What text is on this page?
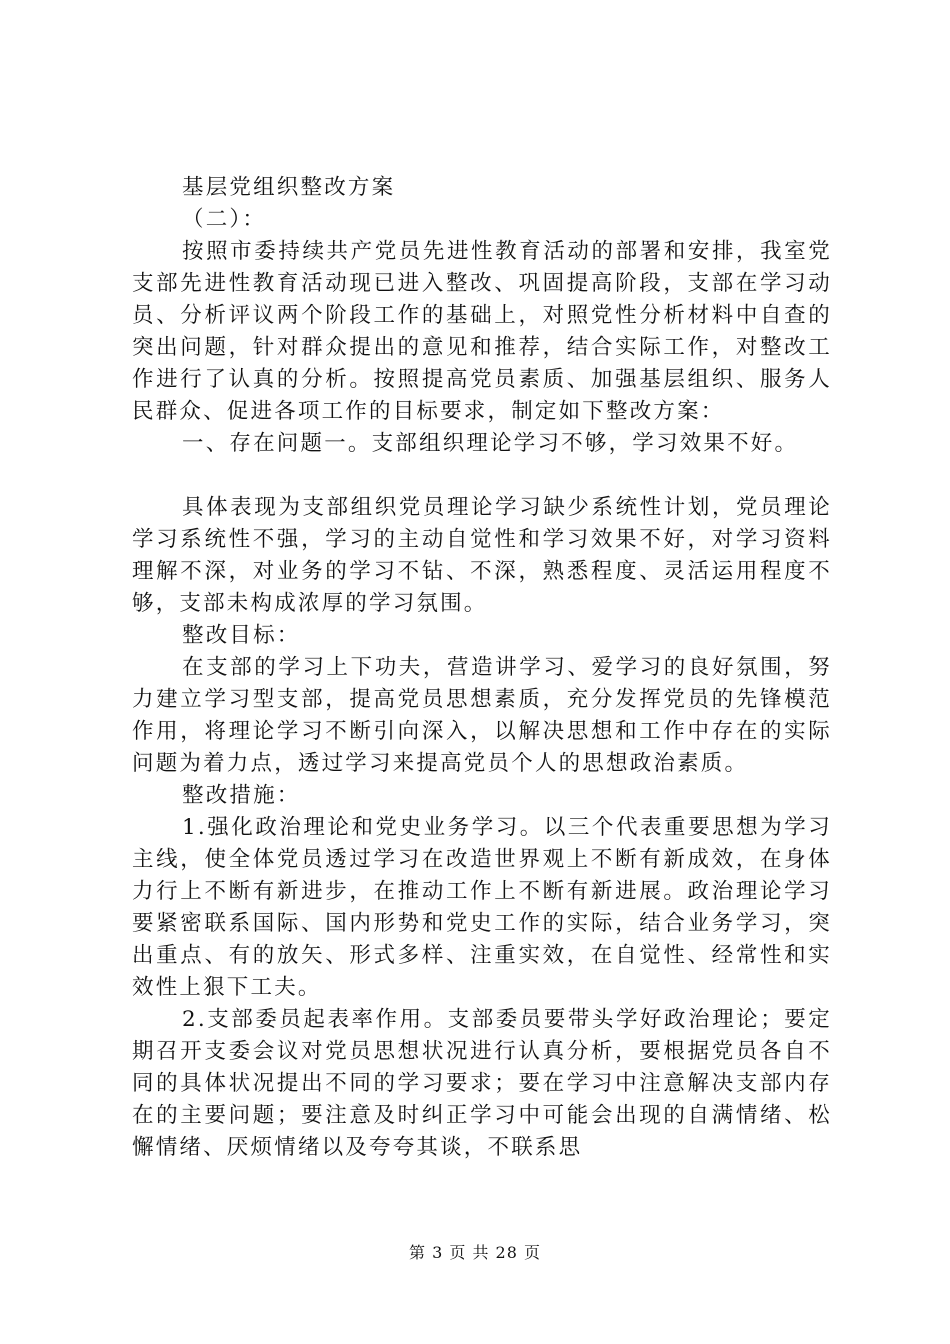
基层党组织整改方案

（二）：

按照市委持续共产党员先进性教育活动的部署和安排，我室党支部先进性教育活动现已进入整改、巩固提高阶段，支部在学习动员、分析评议两个阶段工作的基础上，对照党性分析材料中自查的突出问题，针对群众提出的意见和推荐，结合实际工作，对整改工作进行了认真的分析。按照提高党员素质、加强基层组织、服务人民群众、促进各项工作的目标要求，制定如下整改方案：

一、存在问题一。支部组织理论学习不够，学习效果不好。

具体表现为支部组织党员理论学习缺少系统性计划，党员理论学习系统性不强，学习的主动自觉性和学习效果不好，对学习资料理解不深，对业务的学习不钻、不深，熟悉程度、灵活运用程度不够，支部未构成浓厚的学习氛围。

整改目标：

在支部的学习上下功夫，营造讲学习、爱学习的良好氛围，努力建立学习型支部，提高党员思想素质，充分发挥党员的先锋模范作用，将理论学习不断引向深入，以解决思想和工作中存在的实际问题为着力点，透过学习来提高党员个人的思想政治素质。

整改措施：

1.强化政治理论和党史业务学习。以三个代表重要思想为学习主线，使全体党员透过学习在改造世界观上不断有新成效，在身体力行上不断有新进步，在推动工作上不断有新进展。政治理论学习要紧密联系国际、国内形势和党史工作的实际，结合业务学习，突出重点、有的放矢、形式多样、注重实效，在自觉性、经常性和实效性上狠下工夫。

2.支部委员起表率作用。支部委员要带头学好政治理论；要定期召开支委会议对党员思想状况进行认真分析，要根据党员各自不同的具体状况提出不同的学习要求；要在学习中注意解决支部内存在的主要问题；要注意及时纠正学习中可能会出现的自满情绪、松懈情绪、厌烦情绪以及夸夸其谈，不联系思

第 3 页 共 28 页
